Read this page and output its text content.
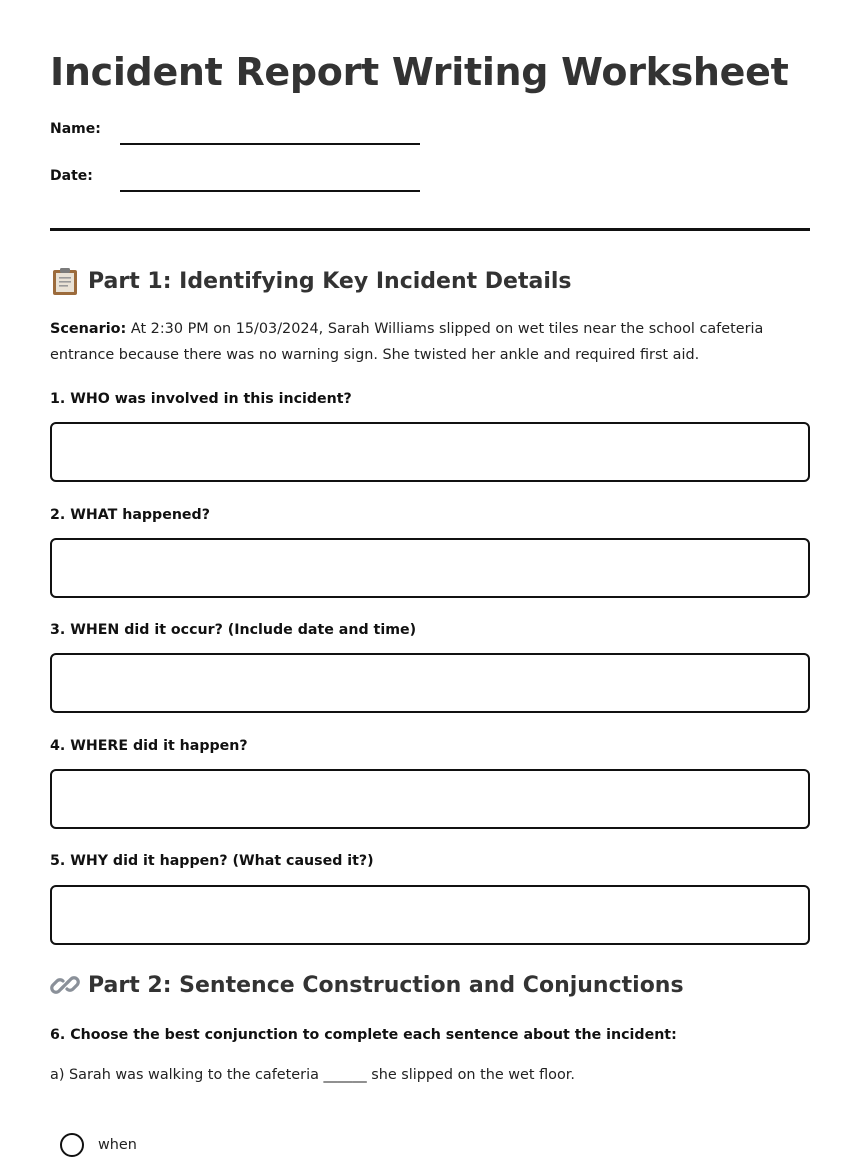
Incident Report Writing Worksheet
Name:
Date:
Part 1: Identifying Key Incident Details
Scenario: At 2:30 PM on 15/03/2024, Sarah Williams slipped on wet tiles near the school cafeteria entrance because there was no warning sign. She twisted her ankle and required first aid.
1. WHO was involved in this incident?
2. WHAT happened?
3. WHEN did it occur? (Include date and time)
4. WHERE did it happen?
5. WHY did it happen? (What caused it?)
Part 2: Sentence Construction and Conjunctions
6. Choose the best conjunction to complete each sentence about the incident:
a) Sarah was walking to the cafeteria ______ she slipped on the wet floor.
when
